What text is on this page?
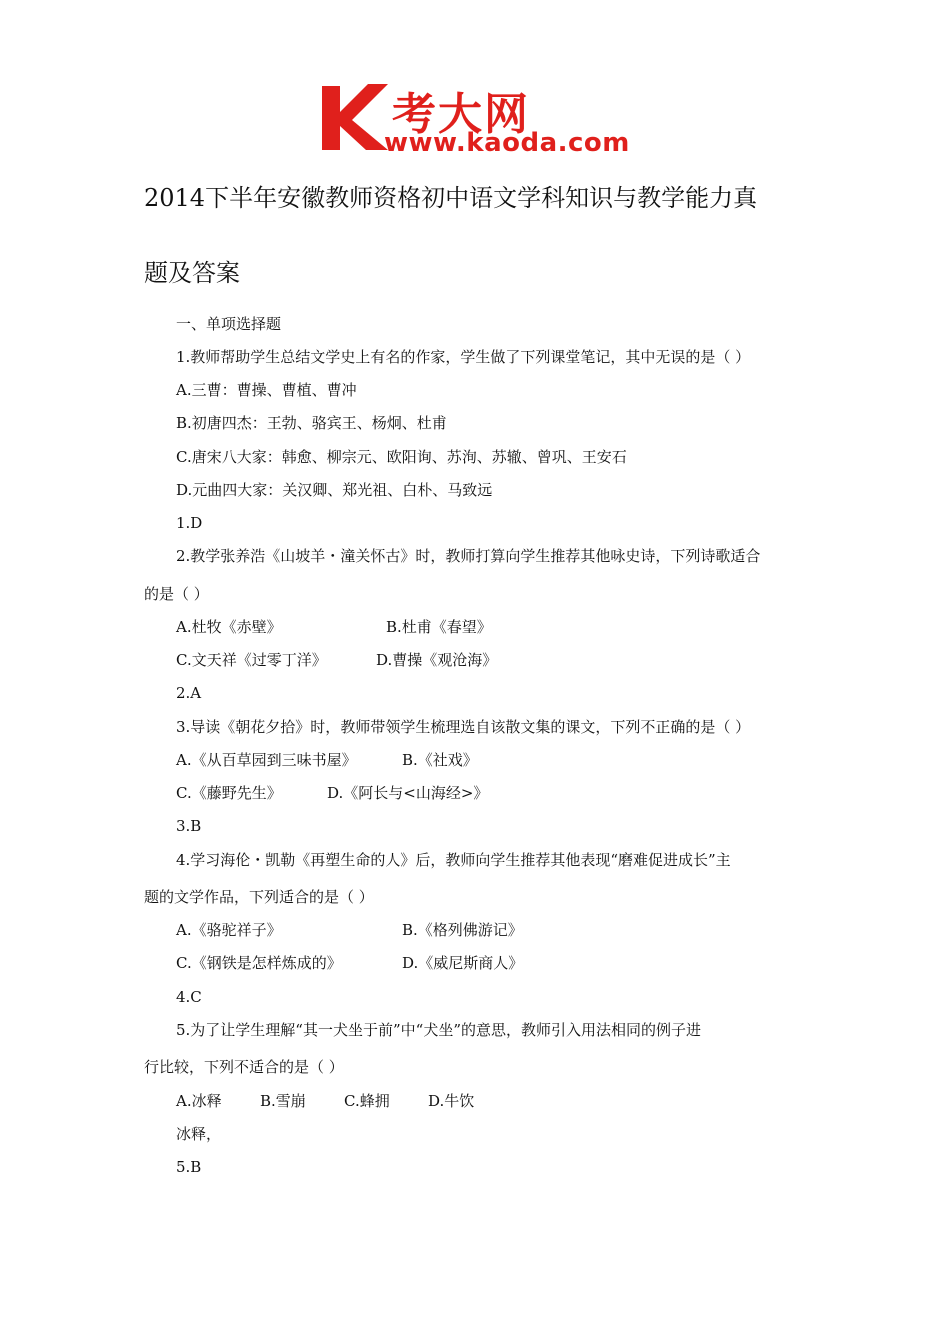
考大网
www.kaoda.com
2014下半年安徽教师资格初中语文学科知识与教学能力真
题及答案
一、单项选择题
1.教师帮助学生总结文学史上有名的作家，学生做了下列课堂笔记，其中无误的是（ ）
A.三曹：曹操、曹植、曹冲
B.初唐四杰：王勃、骆宾王、杨炯、杜甫
C.唐宋八大家：韩愈、柳宗元、欧阳询、苏洵、苏辙、曾巩、王安石
D.元曲四大家：关汉卿、郑光祖、白朴、马致远
1.D
2.教学张养浩《山坡羊・潼关怀古》时，教师打算向学生推荐其他咏史诗，下列诗歌适合
的是（ ）
A.杜牧《赤壁》	B.杜甫《春望》
C.文天祥《过零丁洋》	D.曹操《观沧海》
2.A
3.导读《朝花夕拾》时，教师带领学生梳理选自该散文集的课文，下列不正确的是（ ）
A.《从百草园到三味书屋》	B.《社戏》
C.《藤野先生》	D.《阿长与<山海经>》
3.B
4.学习海伦・凯勒《再塑生命的人》后，教师向学生推荐其他表现“磨难促进成长”主
题的文学作品，下列适合的是（ ）
A.《骆驼祥子》	B.《格列佛游记》
C.《钢铁是怎样炼成的》	D.《威尼斯商人》
4.C
5.为了让学生理解“其一犬坐于前”中“犬坐”的意思，教师引入用法相同的例子进
行比较，下列不适合的是（ ）
A.冰释	B.雪崩	C.蜂拥	D.牛饮
冰释，
5.B
